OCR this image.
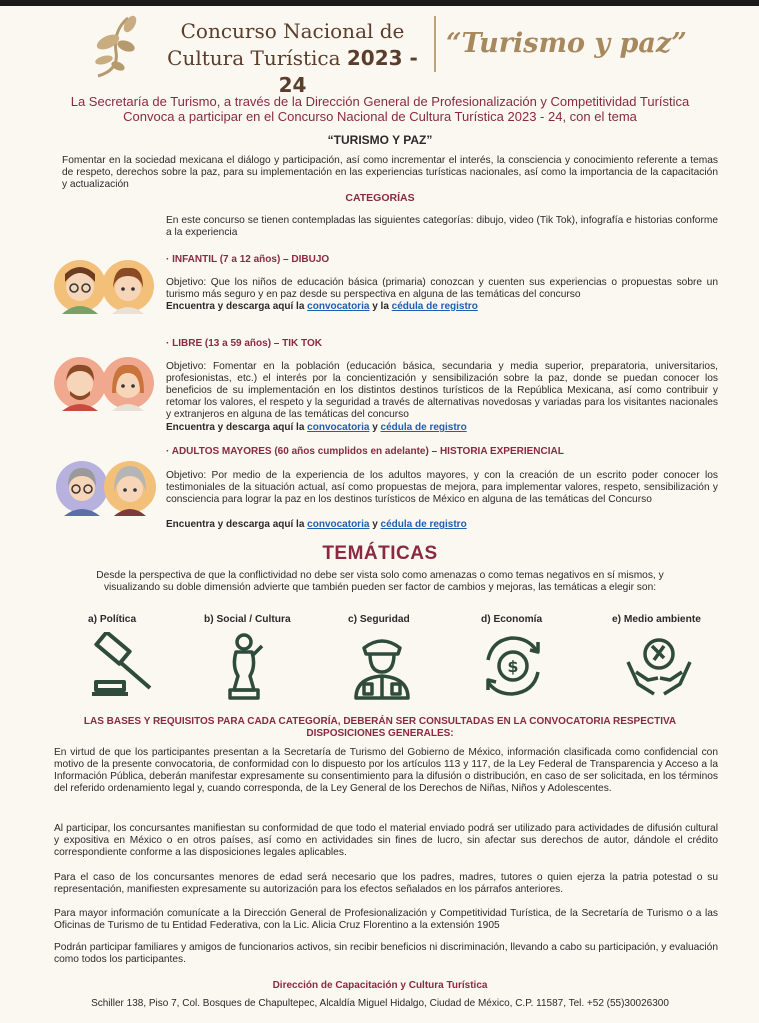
Concurso Nacional de
Cultura Turística 2023 - 24
“Turismo y paz”
La Secretaría de Turismo, a través de la Dirección General de Profesionalización y Competitividad Turística
Convoca a participar en el Concurso Nacional de Cultura Turística 2023 - 24, con el tema
“TURISMO Y PAZ”
Fomentar en la sociedad mexicana el diálogo y participación, así como incrementar el interés, la consciencia y conocimiento referente a temas de respeto, derechos sobre la paz, para su implementación en las experiencias turísticas nacionales, así como la importancia de la capacitación y actualización
CATEGORÍAS
En este concurso se tienen contempladas las siguientes categorías: dibujo, video (Tik Tok), infografía e historias conforme a la experiencia
· INFANTIL (7 a 12 años) – DIBUJO
Objetivo: Que los niños de educación básica (primaria) conozcan y cuenten sus experiencias o propuestas sobre un turismo más seguro y en paz desde su perspectiva en alguna de las temáticas del concurso
Encuentra y descarga aquí la convocatoria y la cédula de registro
· LIBRE (13 a 59 años) – TIK TOK
Objetivo: Fomentar en la población (educación básica, secundaria y media superior, preparatoria, universitarios, profesionistas, etc.) el interés por la concientización y sensibilización sobre la paz, donde se puedan conocer los beneficios de su implementación en los distintos destinos turísticos de la República Mexicana, así como contribuir y retomar los valores, el respeto y la seguridad a través de alternativas novedosas y variadas para los visitantes nacionales y extranjeros en alguna de las temáticas del concurso
Encuentra y descarga aquí la convocatoria y cédula de registro
· ADULTOS MAYORES (60 años cumplidos en adelante) – HISTORIA EXPERIENCIAL
Objetivo: Por medio de la experiencia de los adultos mayores, y con la creación de un escrito poder conocer los testimoniales de la situación actual, así como propuestas de mejora, para implementar valores, respeto, sensibilización y consciencia para lograr la paz en los destinos turísticos de México en alguna de las temáticas del Concurso
Encuentra y descarga aquí la convocatoria y cédula de registro
TEMÁTICAS
Desde la perspectiva de que la conflictividad no debe ser vista solo como amenazas o como temas negativos en sí mismos, y visualizando su doble dimensión advierte que también pueden ser factor de cambios y mejoras, las temáticas a elegir son:
a) Política	b) Social / Cultura	c) Seguridad	d) Economía	e) Medio ambiente
$
LAS BASES Y REQUISITOS PARA CADA CATEGORÍA, DEBERÁN SER CONSULTADAS EN LA CONVOCATORIA RESPECTIVA
DISPOSICIONES GENERALES:
En virtud de que los participantes presentan a la Secretaría de Turismo del Gobierno de México, información clasificada como confidencial con motivo de la presente convocatoria, de conformidad con lo dispuesto por los artículos 113 y 117, de la Ley Federal de Transparencia y Acceso a la Información Pública, deberán manifestar expresamente su consentimiento para la difusión o distribución, en caso de ser solicitada, en los términos del referido ordenamiento legal y, cuando corresponda, de la Ley General de los Derechos de Niñas, Niños y Adolescentes.
Al participar, los concursantes manifiestan su conformidad de que todo el material enviado podrá ser utilizado para actividades de difusión cultural y expositiva en México o en otros países, así como en actividades sin fines de lucro, sin afectar sus derechos de autor, dándole el crédito correspondiente conforme a las disposiciones legales aplicables.
Para el caso de los concursantes menores de edad será necesario que los padres, madres, tutores o quien ejerza la patria potestad o su representación, manifiesten expresamente su autorización para los efectos señalados en los párrafos anteriores.
Para mayor información comunícate a la Dirección General de Profesionalización y Competitividad Turística, de la Secretaría de Turismo o a las Oficinas de Turismo de tu Entidad Federativa, con la Lic. Alicia Cruz Florentino a la extensión 1905
Podrán participar familiares y amigos de funcionarios activos, sin recibir beneficios ni discriminación, llevando a cabo su participación, y evaluación como todos los participantes.
Dirección de Capacitación y Cultura Turística
Schiller 138, Piso 7, Col. Bosques de Chapultepec, Alcaldía Miguel Hidalgo, Ciudad de México, C.P. 11587, Tel. +52 (55)30026300
